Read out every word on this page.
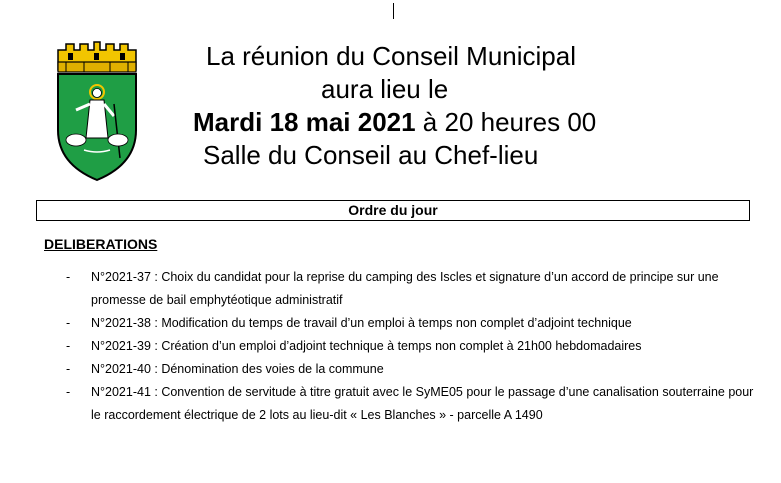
La réunion du Conseil Municipal
aura lieu le
Mardi 18 mai 2021 à 20 heures 00
Salle du Conseil au Chef-lieu
Ordre du jour
DELIBERATIONS
- N°2021-37 : Choix du candidat pour la reprise du camping des Iscles et signature d’un accord de principe sur une promesse de bail emphytéotique administratif
- N°2021-38 : Modification du temps de travail d’un emploi à temps non complet d’adjoint technique
- N°2021-39 : Création d’un emploi d’adjoint technique à temps non complet à 21h00 hebdomadaires
- N°2021-40 : Dénomination des voies de la commune
- N°2021-41 : Convention de servitude à titre gratuit avec le SyME05 pour le passage d’une canalisation souterraine pour le raccordement électrique de 2 lots au lieu-dit « Les Blanches » - parcelle A 1490
